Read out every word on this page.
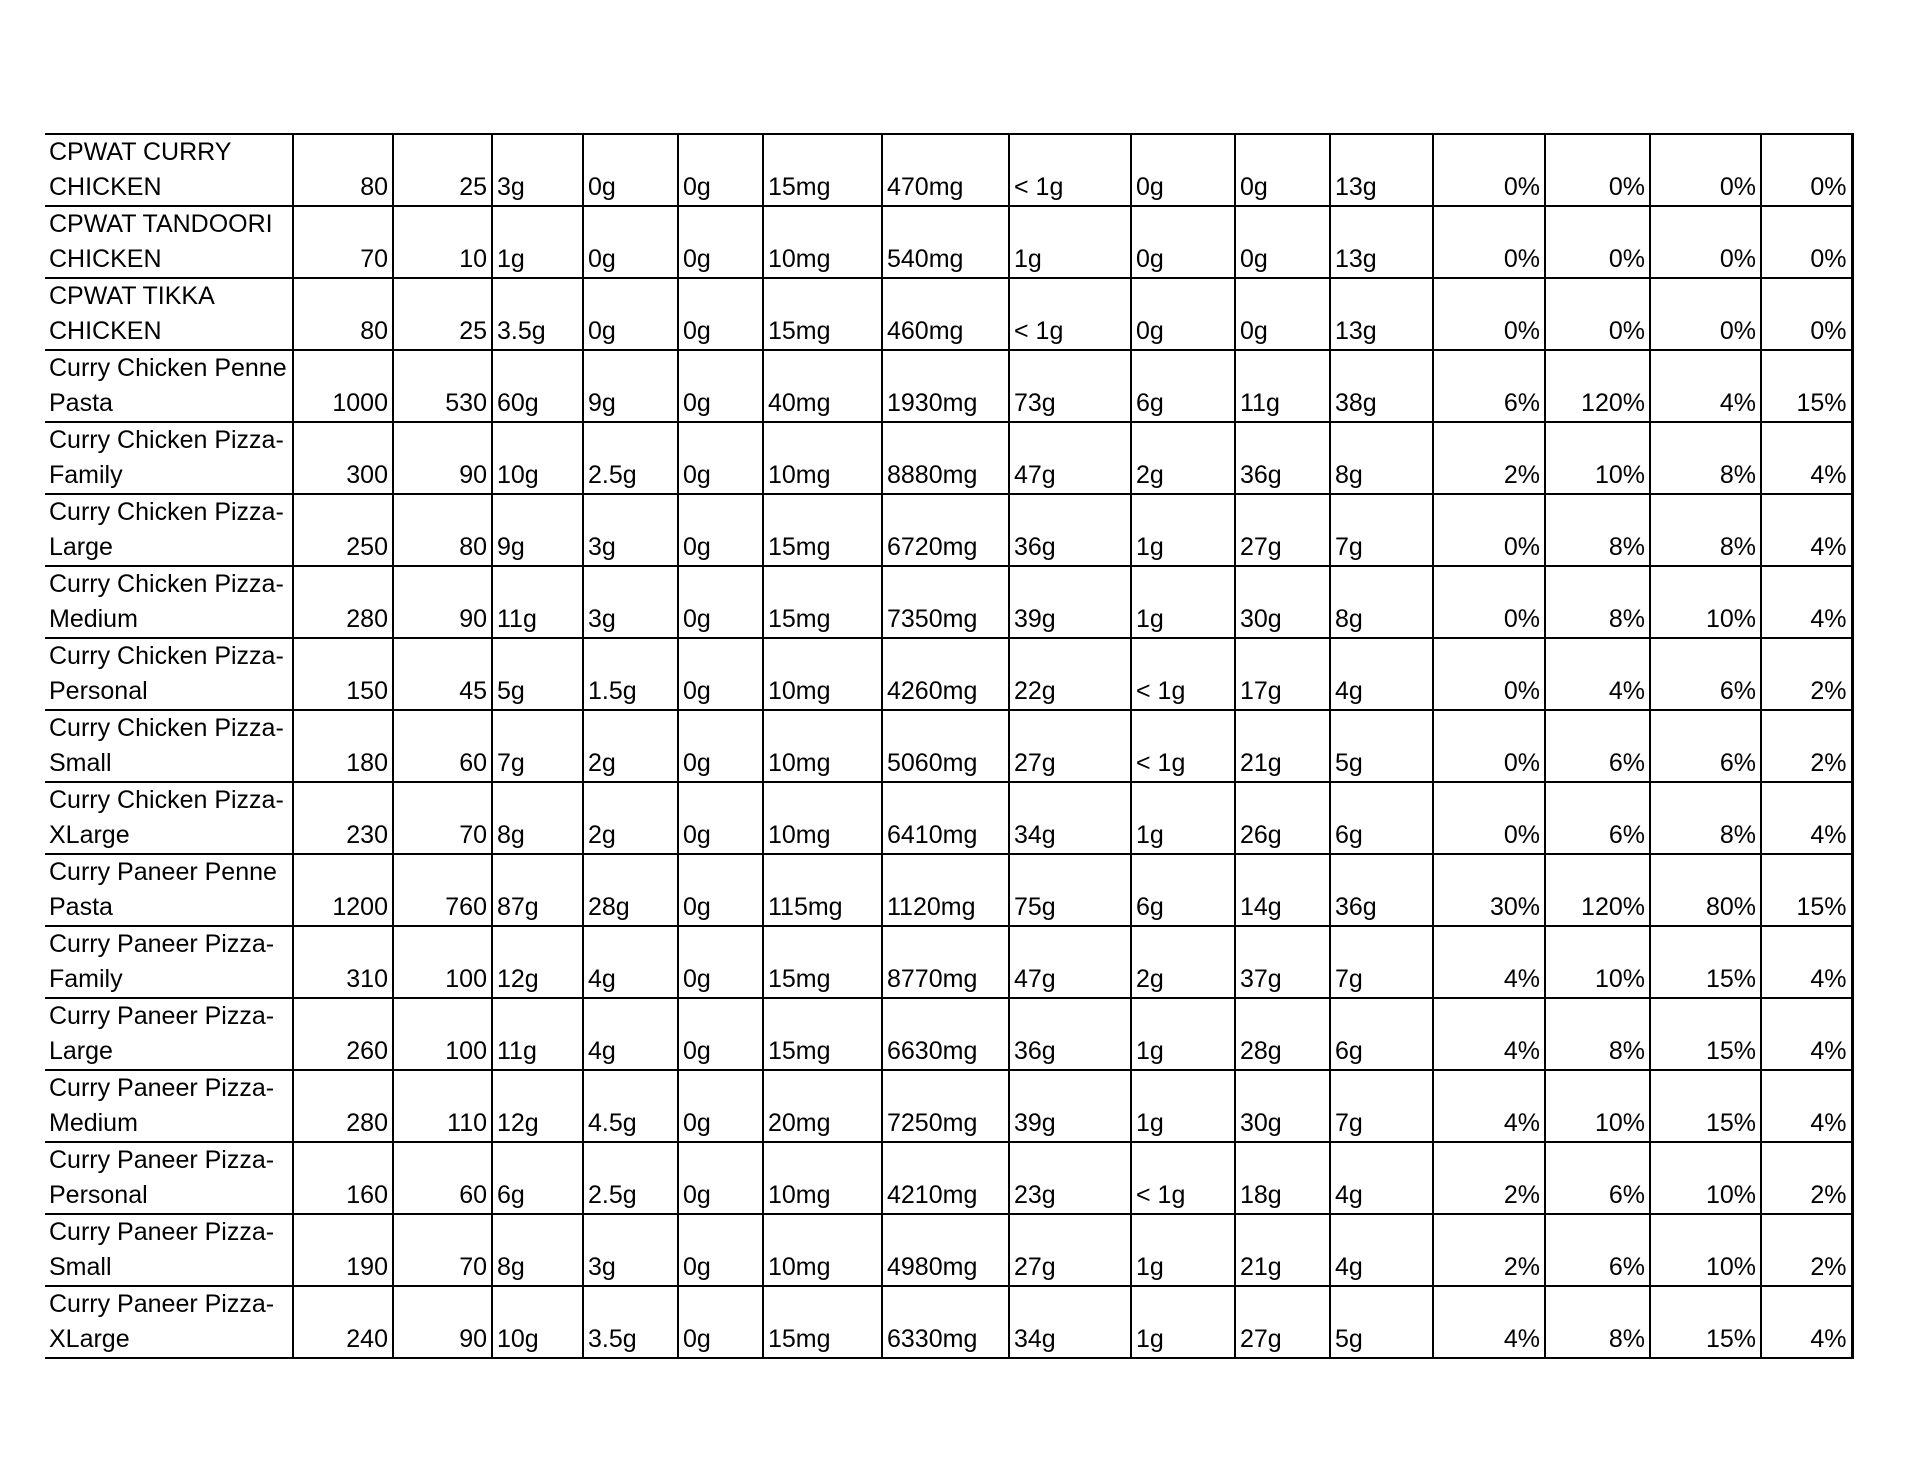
CPWAT CURRY CHICKEN	80	25	3g	0g	0g	15mg	470mg	< 1g	0g	0g	13g	0%	0%	0%	0%
CPWAT TANDOORI CHICKEN	70	10	1g	0g	0g	10mg	540mg	1g	0g	0g	13g	0%	0%	0%	0%
CPWAT TIKKA CHICKEN	80	25	3.5g	0g	0g	15mg	460mg	< 1g	0g	0g	13g	0%	0%	0%	0%
Curry Chicken Penne Pasta	1000	530	60g	9g	0g	40mg	1930mg	73g	6g	11g	38g	6%	120%	4%	15%
Curry Chicken Pizza-Family	300	90	10g	2.5g	0g	10mg	8880mg	47g	2g	36g	8g	2%	10%	8%	4%
Curry Chicken Pizza-Large	250	80	9g	3g	0g	15mg	6720mg	36g	1g	27g	7g	0%	8%	8%	4%
Curry Chicken Pizza-Medium	280	90	11g	3g	0g	15mg	7350mg	39g	1g	30g	8g	0%	8%	10%	4%
Curry Chicken Pizza-Personal	150	45	5g	1.5g	0g	10mg	4260mg	22g	< 1g	17g	4g	0%	4%	6%	2%
Curry Chicken Pizza-Small	180	60	7g	2g	0g	10mg	5060mg	27g	< 1g	21g	5g	0%	6%	6%	2%
Curry Chicken Pizza-XLarge	230	70	8g	2g	0g	10mg	6410mg	34g	1g	26g	6g	0%	6%	8%	4%
Curry Paneer Penne Pasta	1200	760	87g	28g	0g	115mg	1120mg	75g	6g	14g	36g	30%	120%	80%	15%
Curry Paneer Pizza-Family	310	100	12g	4g	0g	15mg	8770mg	47g	2g	37g	7g	4%	10%	15%	4%
Curry Paneer Pizza-Large	260	100	11g	4g	0g	15mg	6630mg	36g	1g	28g	6g	4%	8%	15%	4%
Curry Paneer Pizza-Medium	280	110	12g	4.5g	0g	20mg	7250mg	39g	1g	30g	7g	4%	10%	15%	4%
Curry Paneer Pizza-Personal	160	60	6g	2.5g	0g	10mg	4210mg	23g	< 1g	18g	4g	2%	6%	10%	2%
Curry Paneer Pizza-Small	190	70	8g	3g	0g	10mg	4980mg	27g	1g	21g	4g	2%	6%	10%	2%
Curry Paneer Pizza-XLarge	240	90	10g	3.5g	0g	15mg	6330mg	34g	1g	27g	5g	4%	8%	15%	4%
